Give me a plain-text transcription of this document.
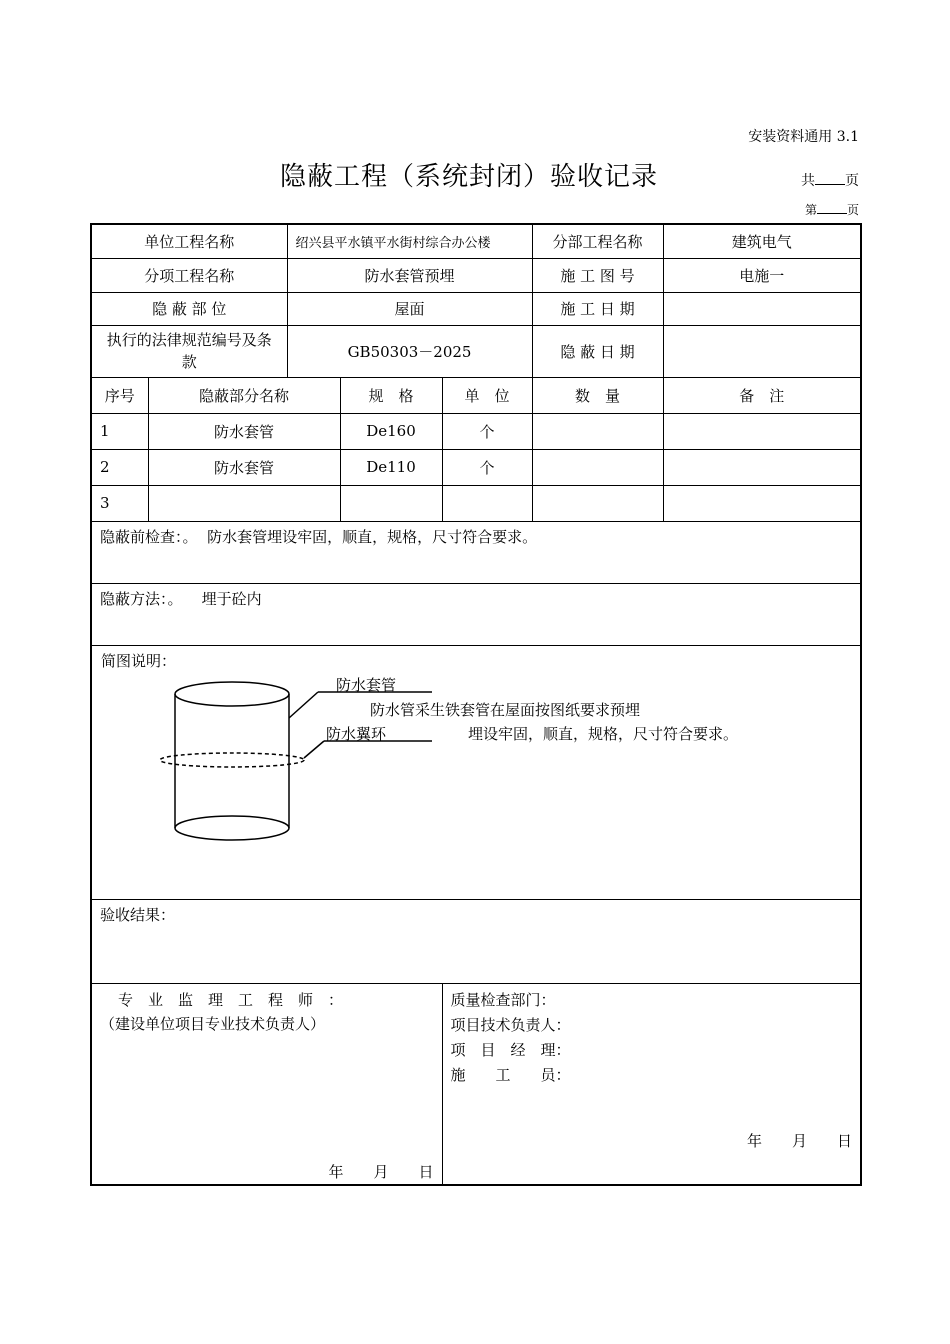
安装资料通用 3.1
隐蔽工程（系统封闭）验收记录	共 页
第	页
单位工程名称		绍兴县平水镇平水街村综合办公楼			分部工程名称	建筑电气
分项工程名称		防水套管预埋			施 工 图 号	电施一
隐 蔽 部 位		屋面			施 工 日 期	
执行的法律规范编号及条款		GB50303－2025			隐 蔽 日 期	
序号	隐蔽部分名称		规　格	单　位	数　量	备　注
1	防水套管		De160	个		
2	防水套管		De110	个		
3						
隐蔽前检查：。 防水套管埋设牢固，顺直，规格，尺寸符合要求。						
隐蔽方法：。 埋于砼内						

简图说明：
防水套管
防水翼环
防水管采生铁套管在屋面按图纸要求预埋
埋设牢固，顺直，规格，尺寸符合要求。						

验收结果：						

专　业　监　理　工　程　师　：
（建设单位项目专业技术负责人）
年　　月　　日				质量检查部门：
项目技术负责人：
项　目　经　理：
施　　工　　员：
年　　月　　日		
